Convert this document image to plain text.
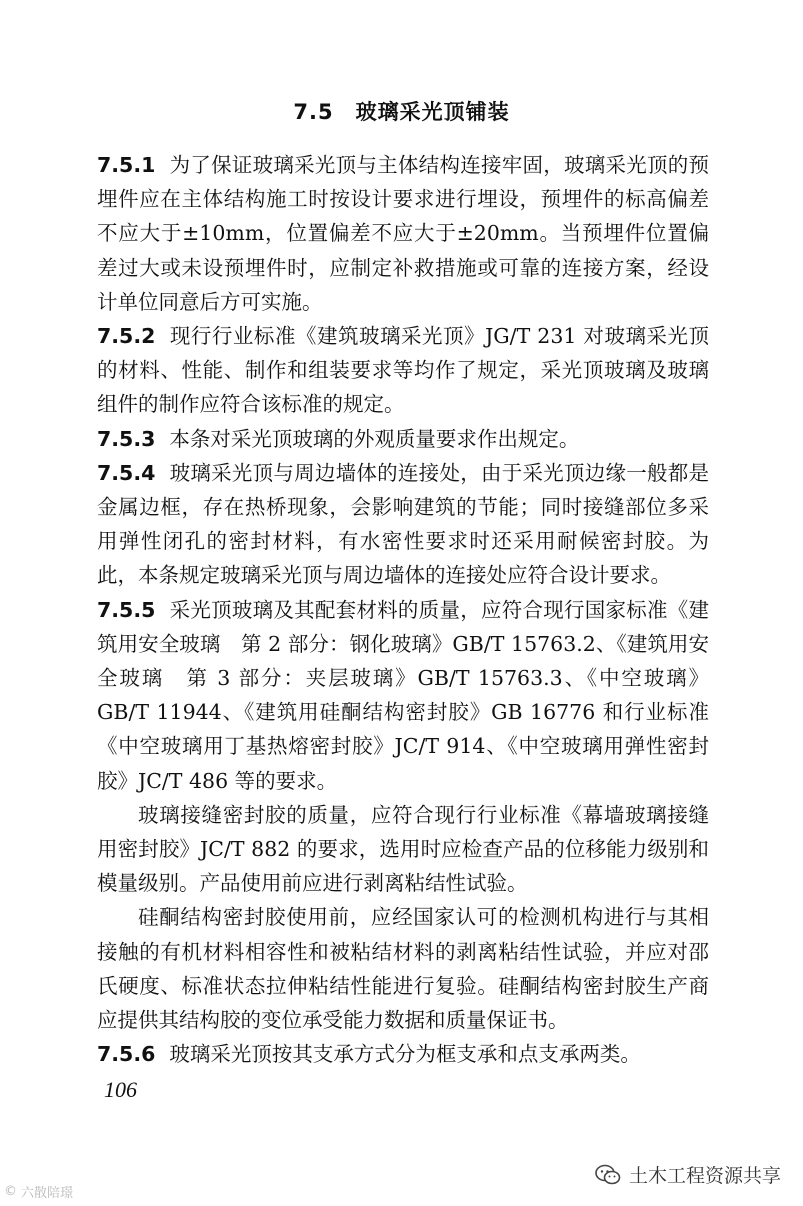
7.5 玻璃采光顶铺装

7.5.1 为了保证玻璃采光顶与主体结构连接牢固，玻璃采光顶的预埋件应在主体结构施工时按设计要求进行埋设，预埋件的标高偏差不应大于±10mm，位置偏差不应大于±20mm。当预埋件位置偏差过大或未设预埋件时，应制定补救措施或可靠的连接方案，经设计单位同意后方可实施。

7.5.2 现行行业标准《建筑玻璃采光顶》JG/T 231 对玻璃采光顶的材料、性能、制作和组装要求等均作了规定，采光顶玻璃及玻璃组件的制作应符合该标准的规定。

7.5.3 本条对采光顶玻璃的外观质量要求作出规定。

7.5.4 玻璃采光顶与周边墙体的连接处，由于采光顶边缘一般都是金属边框，存在热桥现象，会影响建筑的节能；同时接缝部位多采用弹性闭孔的密封材料，有水密性要求时还采用耐候密封胶。为此，本条规定玻璃采光顶与周边墙体的连接处应符合设计要求。

7.5.5 采光顶玻璃及其配套材料的质量，应符合现行国家标准《建筑用安全玻璃　第 2 部分：钢化玻璃》GB/T 15763.2、《建筑用安全玻璃　第 3 部分：夹层玻璃》GB/T 15763.3、《中空玻璃》GB/T 11944、《建筑用硅酮结构密封胶》GB 16776 和行业标准《中空玻璃用丁基热熔密封胶》JC/T 914、《中空玻璃用弹性密封胶》JC/T 486 等的要求。

玻璃接缝密封胶的质量，应符合现行行业标准《幕墙玻璃接缝用密封胶》JC/T 882 的要求，选用时应检查产品的位移能力级别和模量级别。产品使用前应进行剥离粘结性试验。

硅酮结构密封胶使用前，应经国家认可的检测机构进行与其相接触的有机材料相容性和被粘结材料的剥离粘结性试验，并应对邵氏硬度、标准状态拉伸粘结性能进行复验。硅酮结构密封胶生产商应提供其结构胶的变位承受能力数据和质量保证书。

7.5.6 玻璃采光顶按其支承方式分为框支承和点支承两类。

106
土木工程资源共享
© 六散陪璟
